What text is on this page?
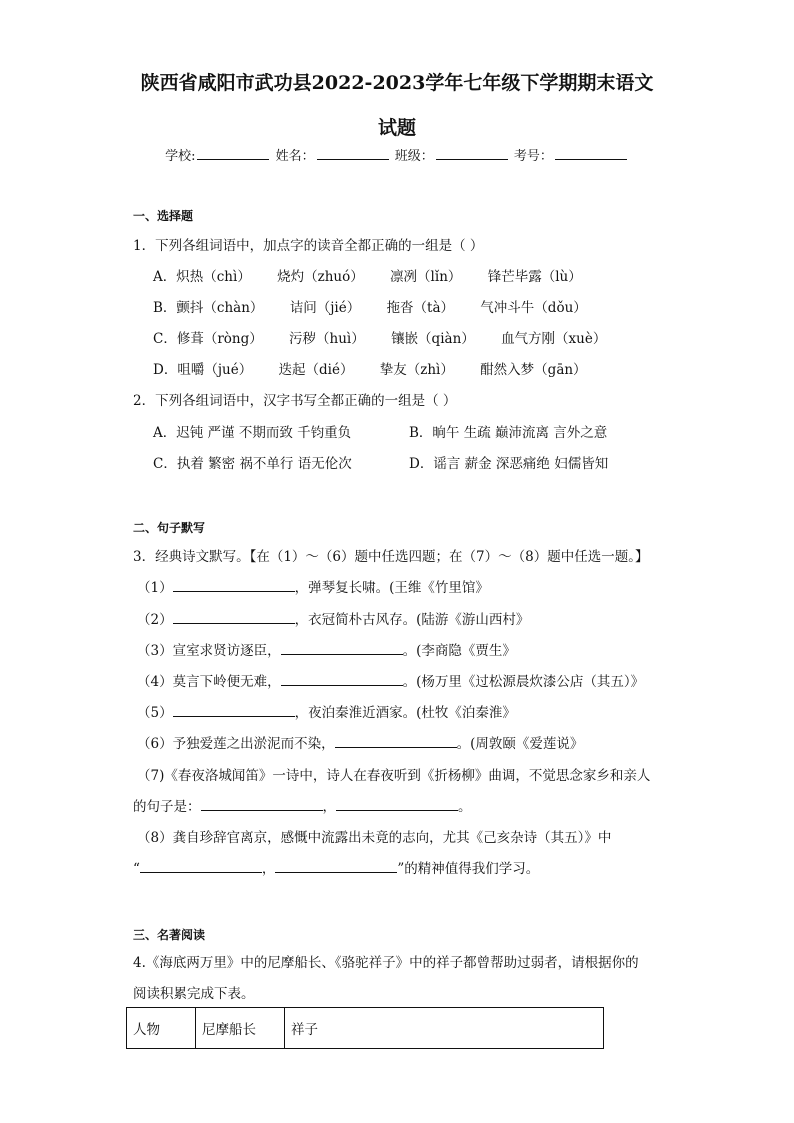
陕西省咸阳市武功县2022-2023学年七年级下学期期末语文
试题
学校:	姓名：	班级：	考号：
一、选择题
1．下列各组词语中，加点字的读音全都正确的一组是（ ）
A．炽热（chì） 烧灼（zhuó） 凛冽（lǐn） 锋芒毕露（lù）
B．颤抖（chàn） 诘问（jié） 拖沓（tà） 气冲斗牛（dǒu）
C．修葺（ròng） 污秽（huì） 镶嵌（qiàn） 血气方刚（xuè）
D．咀嚼（jué） 迭起（dié） 挚友（zhì） 酣然入梦（gān）
2．下列各组词语中，汉字书写全都正确的一组是（ ）
A．迟钝 严谨 不期而致 千钧重负	B．晌午 生疏 巅沛流离 言外之意
C．执着 繁密 祸不单行 语无伦次	D．谣言 薪金 深恶痛绝 妇儒皆知
二、句子默写
3．经典诗文默写。【在（1）～（6）题中任选四题；在（7）～（8）题中任选一题。】
（1）	，弹琴复长啸。(王维《竹里馆》
（2）	，衣冠简朴古风存。(陆游《游山西村》
（3）宣室求贤访逐臣，	。(李商隐《贾生》
（4）莫言下岭便无难，	。(杨万里《过松源晨炊漆公店（其五）》
（5）	，夜泊秦淮近酒家。(杜牧《泊秦淮》
（6）予独爱莲之出淤泥而不染，	。(周敦颐《爱莲说》
（7)《春夜洛城闻笛》一诗中，诗人在春夜听到《折杨柳》曲调，不觉思念家乡和亲人
的句子是：	，	。
（8）龚自珍辞官离京，感慨中流露出未竟的志向，尤其《己亥杂诗（其五）》中
“	，	”的精神值得我们学习。
三、名著阅读
4.《海底两万里》中的尼摩船长、《骆驼祥子》中的祥子都曾帮助过弱者，请根据你的
阅读积累完成下表。
人物	尼摩船长	祥子
